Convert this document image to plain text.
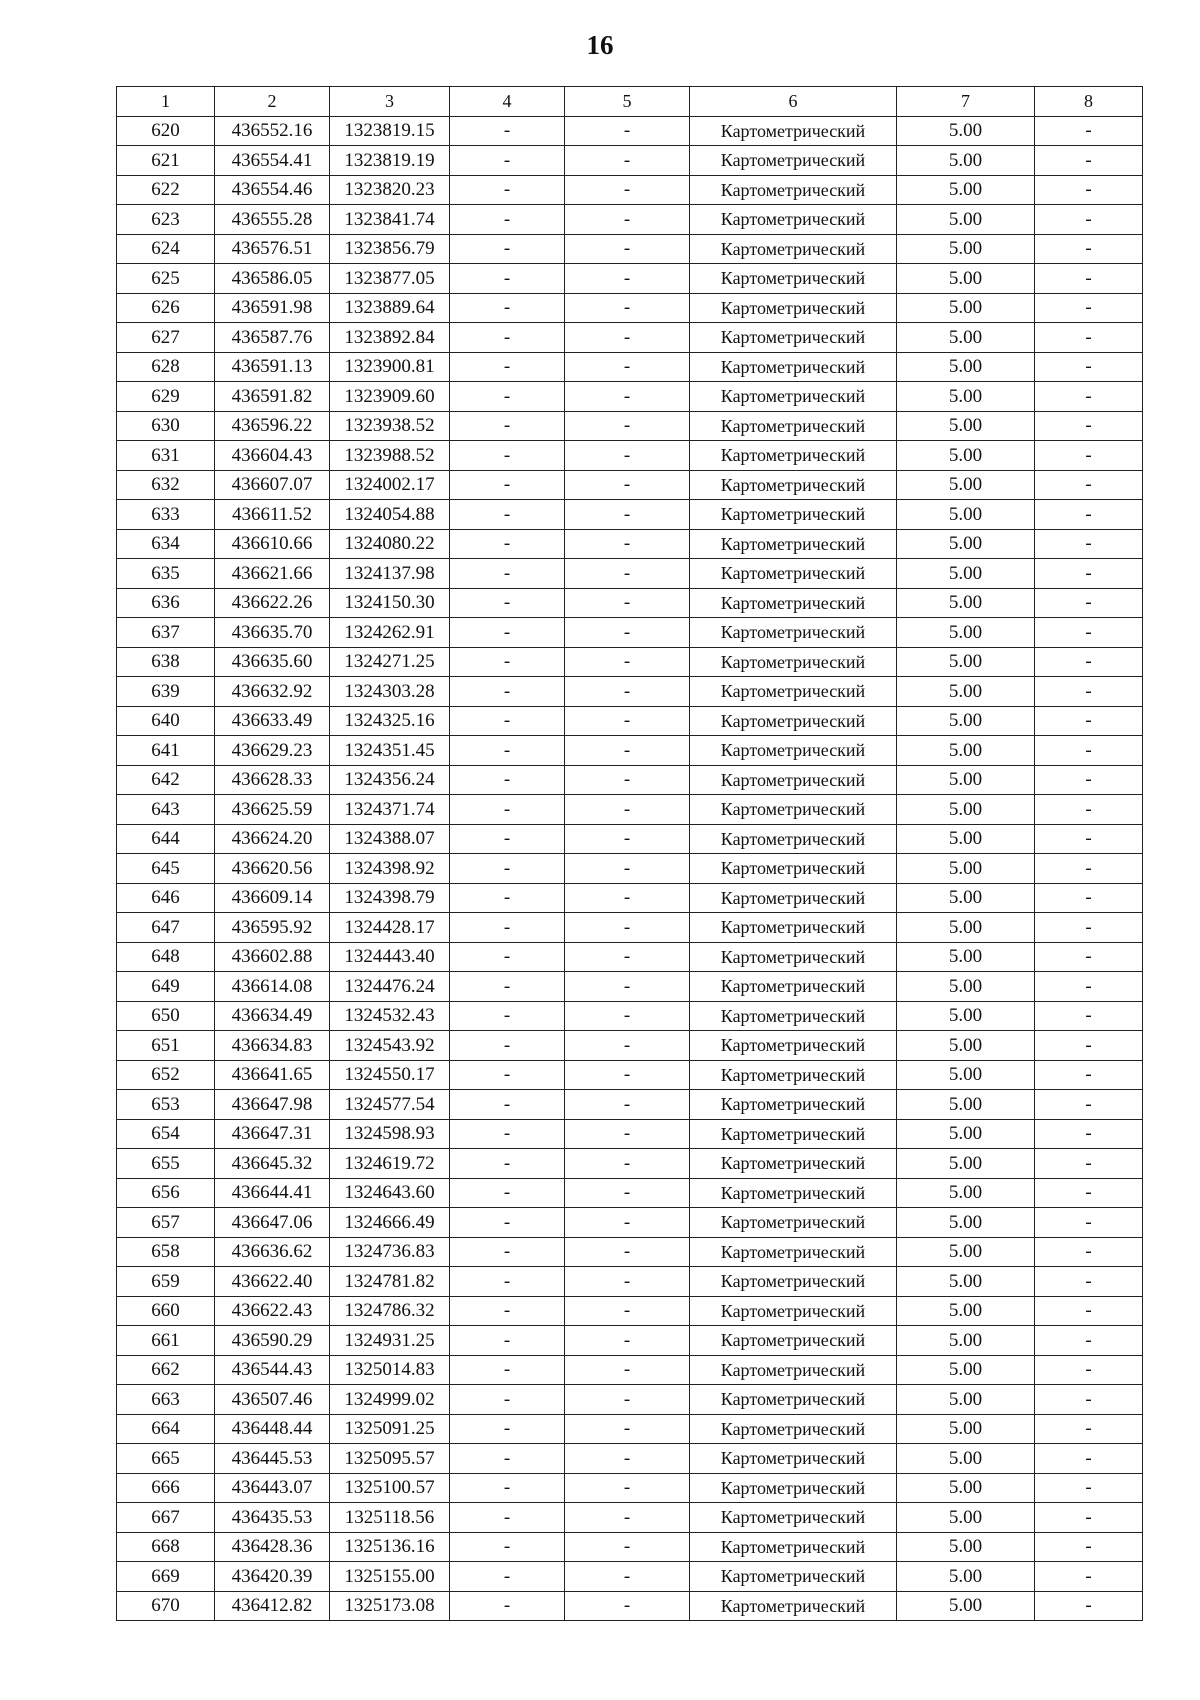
16
1	2	3	4	5	6	7	8
620	436552.16	1323819.15	-	-	Картометрический	5.00	-
621	436554.41	1323819.19	-	-	Картометрический	5.00	-
622	436554.46	1323820.23	-	-	Картометрический	5.00	-
623	436555.28	1323841.74	-	-	Картометрический	5.00	-
624	436576.51	1323856.79	-	-	Картометрический	5.00	-
625	436586.05	1323877.05	-	-	Картометрический	5.00	-
626	436591.98	1323889.64	-	-	Картометрический	5.00	-
627	436587.76	1323892.84	-	-	Картометрический	5.00	-
628	436591.13	1323900.81	-	-	Картометрический	5.00	-
629	436591.82	1323909.60	-	-	Картометрический	5.00	-
630	436596.22	1323938.52	-	-	Картометрический	5.00	-
631	436604.43	1323988.52	-	-	Картометрический	5.00	-
632	436607.07	1324002.17	-	-	Картометрический	5.00	-
633	436611.52	1324054.88	-	-	Картометрический	5.00	-
634	436610.66	1324080.22	-	-	Картометрический	5.00	-
635	436621.66	1324137.98	-	-	Картометрический	5.00	-
636	436622.26	1324150.30	-	-	Картометрический	5.00	-
637	436635.70	1324262.91	-	-	Картометрический	5.00	-
638	436635.60	1324271.25	-	-	Картометрический	5.00	-
639	436632.92	1324303.28	-	-	Картометрический	5.00	-
640	436633.49	1324325.16	-	-	Картометрический	5.00	-
641	436629.23	1324351.45	-	-	Картометрический	5.00	-
642	436628.33	1324356.24	-	-	Картометрический	5.00	-
643	436625.59	1324371.74	-	-	Картометрический	5.00	-
644	436624.20	1324388.07	-	-	Картометрический	5.00	-
645	436620.56	1324398.92	-	-	Картометрический	5.00	-
646	436609.14	1324398.79	-	-	Картометрический	5.00	-
647	436595.92	1324428.17	-	-	Картометрический	5.00	-
648	436602.88	1324443.40	-	-	Картометрический	5.00	-
649	436614.08	1324476.24	-	-	Картометрический	5.00	-
650	436634.49	1324532.43	-	-	Картометрический	5.00	-
651	436634.83	1324543.92	-	-	Картометрический	5.00	-
652	436641.65	1324550.17	-	-	Картометрический	5.00	-
653	436647.98	1324577.54	-	-	Картометрический	5.00	-
654	436647.31	1324598.93	-	-	Картометрический	5.00	-
655	436645.32	1324619.72	-	-	Картометрический	5.00	-
656	436644.41	1324643.60	-	-	Картометрический	5.00	-
657	436647.06	1324666.49	-	-	Картометрический	5.00	-
658	436636.62	1324736.83	-	-	Картометрический	5.00	-
659	436622.40	1324781.82	-	-	Картометрический	5.00	-
660	436622.43	1324786.32	-	-	Картометрический	5.00	-
661	436590.29	1324931.25	-	-	Картометрический	5.00	-
662	436544.43	1325014.83	-	-	Картометрический	5.00	-
663	436507.46	1324999.02	-	-	Картометрический	5.00	-
664	436448.44	1325091.25	-	-	Картометрический	5.00	-
665	436445.53	1325095.57	-	-	Картометрический	5.00	-
666	436443.07	1325100.57	-	-	Картометрический	5.00	-
667	436435.53	1325118.56	-	-	Картометрический	5.00	-
668	436428.36	1325136.16	-	-	Картометрический	5.00	-
669	436420.39	1325155.00	-	-	Картометрический	5.00	-
670	436412.82	1325173.08	-	-	Картометрический	5.00	-
